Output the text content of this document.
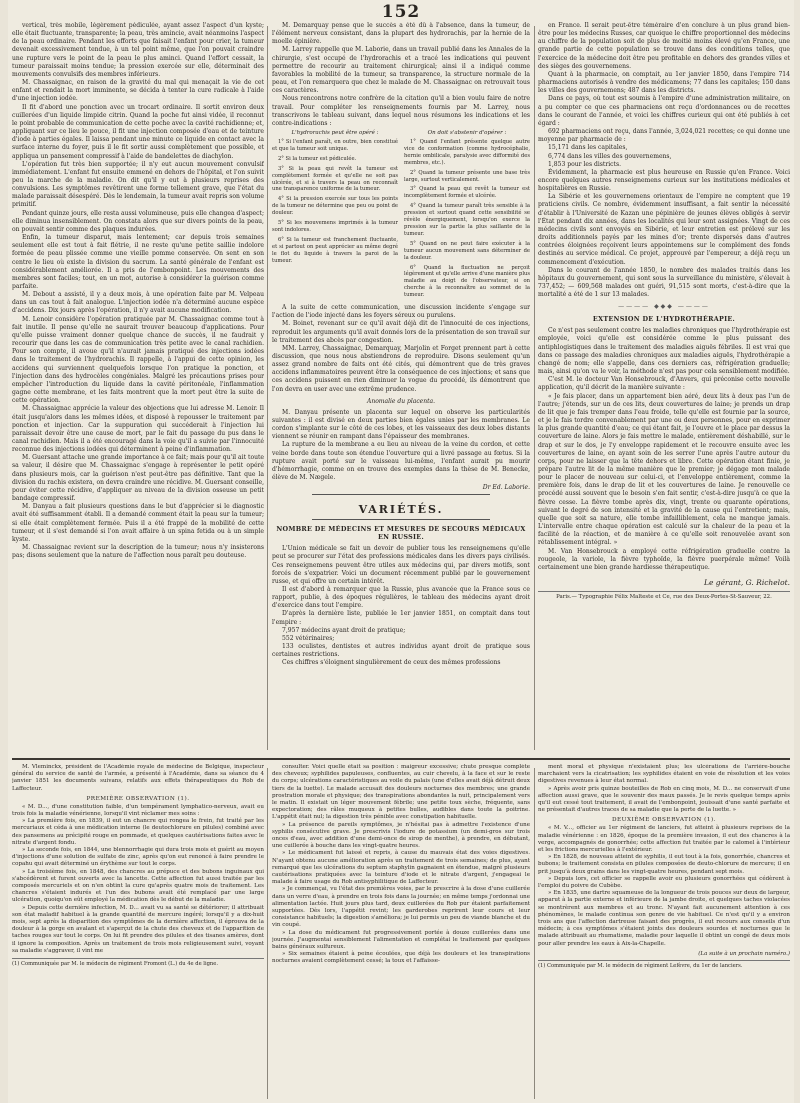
152

vertical, très mobile, légèrement pédiculée, ayant assez l'aspect d'un kyste; elle était fluctuante, transparente; la peau, très amincie, avait néanmoins l'aspect de la peau ordinaire. Pendant les efforts que faisait l'enfant pour crier, la tumeur devenait excessivement tendue, à un tel point même, que l'on pouvait craindre une rupture vers le point de la peau le plus aminci. Quand l'effort cessait, la tumeur paraissait moins tendue; la pression exercée sur elle, déterminait des mouvements convulsifs des membres inférieurs.

M. Chassaignac, en raison de la gravité du mal qui menaçait la vie de cet enfant et rendait la mort imminente, se décida à tenter la cure radicale à l'aide d'une injection iodée.

Il fit d'abord une ponction avec un trocart ordinaire. Il sortit environ deux cuillerées d'un liquide limpide citrin. Quand la poche fut ainsi vidée, il reconnut le point probable de communication de cette poche avec la cavité rachidienne; et, appliquant sur ce lieu le pouce, il fit une injection composée d'eau et de teinture d'iode à parties égales. Il laissa pendant une minute ce liquide en contact avec la surface interne du foyer, puis il le fit sortir aussi complètement que possible, et appliqua un pansement compressif à l'aide de bandelettes de diachylon.

L'opération fut très bien supportée; il n'y eut aucun mouvement convulsif immédiatement. L'enfant fut ensuite emmené en dehors de l'hôpital, et l'on suivit peu la marche de la maladie. On dit qu'il y eut à plusieurs reprises des convulsions. Les symptômes revêtirent une forme tellement grave, que l'état du malade paraissait désespéré. Dès le lendemain, la tumeur avait repris son volume primitif.

Pendant quinze jours, elle resta aussi volumineuse, puis elle changea d'aspect; elle diminua insensiblement. On constata alors que sur divers points de la peau, on pouvait sentir comme des plaques indurées.

Enfin, la tumeur disparut, mais lentement; car depuis trois semaines seulement elle est tout à fait flétrie, il ne reste qu'une petite saillie indolore formée de peau plissée comme une vieille pomme conservée. On sent en son centre le lieu où existe la division du sacrum. La santé générale de l'enfant est considérablement améliorée. Il a pris de l'embonpoint. Les mouvements des membres sont faciles; tout, en un mot, autorise à considérer la guérison comme parfaite.

M. Debout a assisté, il y a deux mois, à une opération faite par M. Velpeau dans un cas tout à fait analogue. L'injection iodée n'a déterminé aucune espèce d'accidens. Dix jours après l'opération, il n'y avait aucune modification.

M. Lenoir considère l'opération pratiquée par M. Chassaignac comme tout à fait inutile. Il pense qu'elle ne saurait trouver beaucoup d'applications. Pour qu'elle puisse vraiment donner quelque chance de succès, il ne faudrait y recourir que dans les cas de communication très petite avec le canal rachidien. Pour son compte, il avoue qu'il n'aurait jamais pratiqué des injections iodées dans le traitement de l'hydrorachis. Il rappelle, à l'appui de cette opinion, les accidens qui surviennent quelquefois lorsque l'on pratique la ponction, et l'injection dans des hydrocèles congéniales. Malgré les précautions prises pour empêcher l'introduction du liquide dans la cavité péritonéale, l'inflammation gagne cette membrane, et les faits montrent que la mort peut être la suite de cette opération.

M. Chassaignac apprécie la valeur des objections que lui adresse M. Lenoir. Il était jusqu'alors dans les mêmes idées, et disposé à repousser le traitement par ponction et injection. Car la suppuration qui succéderait à l'injection lui paraissait devoir être une cause de mort, par le fait du passage du pus dans le canal rachidien. Mais il a été encouragé dans la voie qu'il a suivie par l'innocuité reconnue des injections iodées qui déterminent à peine d'inflammation.

M. Guersant attache une grande importance à ce fait; mais pour qu'il ait toute sa valeur, il désire que M. Chassaignac s'engage à représenter le petit opéré dans plusieurs mois, car la guérison n'est peut-être pas définitive. Tant que la division du rachis existera, on devra craindre une récidive. M. Guersant conseille, pour éviter cette récidive, d'appliquer au niveau de la division osseuse un petit bandage compressif.

M. Danyau a fait plusieurs questions dans le but d'apprécier si le diagnostic avait été suffisamment établi. Il a demandé comment était la peau sur la tumeur; si elle était complètement fermée. Puis il a été frappé de la mobilité de cette tumeur, et il s'est demandé si l'on avait affaire à un spina fetida ou à un simple kyste.

M. Chassaignac revient sur la description de la tumeur; nous n'y insisterons pas; disons seulement que la nature de l'affection nous paraît peu douteuse.

M. Demarquay pense que le succès a été dû à l'absence, dans la tumeur, de l'élément nerveux consistant, dans la plupart des hydrorachis, par la hernie de la moelle épinière.

M. Larrey rappelle que M. Laborie, dans un travail publié dans les Annales de la chirurgie, s'est occupé de l'hydrorachis et a tracé les indications qui peuvent permettre de recourir au traitement chirurgical; ainsi il a indiqué comme favorables la mobilité de la tumeur, sa transparence, la structure normale de la peau, et l'on remarquera que chez le malade de M. Chassaignac on retrouvait tous ces caractères.

Nous rencontrons notre confrère de la citation qu'il a bien voulu faire de notre travail. Pour compléter les renseignements fournis par M. Larrey, nous transcrivons le tableau suivant, dans lequel nous résumons les indications et les contre-indications :

L'hydrorachis peut être opéré :

1° Si l'enfant paraît, en outre, bien constitué et que la tumeur soit unique.

2° Si la tumeur est pédiculée.

3° Si la peau qui revêt la tumeur est complètement formée et qu'elle ne soit pas ulcérée, et si à travers la peau on reconnaît une transparence uniforme de la tumeur.

4° Si la pression exercée sur tous les points de la tumeur ne détermine que peu ou point de douleur.

5° Si les mouvemens imprimés à la tumeur sont indolores.

6° Si la tumeur est franchement fluctuante, et si partout on peut apprécier au même degré le flot du liquide à travers la paroi de la tumeur.

On doit s'abstenir d'opérer :

1° Quand l'enfant présente quelque autre vice de conformation (comme hydrocéphalie, hernie ombilicale, paralysie avec difformité des membres, etc.).

2° Quand la tumeur présente une base très large, surtout verticalement.

3° Quand la peau qui revêt la tumeur est incomplètement formée et ulcérée.

4° Quand la tumeur paraît très sensible à la pression et surtout quand cette sensibilité se révèle énergiquement, lorsqu'on exerce la pression sur la partie la plus saillante de la tumeur.

5° Quand on ne peut faire exécuter à la tumeur aucun mouvement sans déterminer de la douleur.

6° Quand la fluctuation ne perçoit légèrement et qu'elle arrive d'une manière plus maladie au doigt de l'observateur, si on cherche à la reconnaître au sommet de la tumeur.

A la suite de cette communication, une discussion incidente s'engage sur l'action de l'iode injecté dans les foyers séreux ou purulens.

M. Boinet, revenant sur ce qu'il avait déjà dit de l'innocuité de ces injections, reproduit les arguments qu'il avait donnés lors de la présentation de son travail sur le traitement des abcès par congestion.

MM. Larrey, Chassaignac, Demarquay, Marjolin et Forget prennent part à cette discussion, que nous nous abstiendrons de reproduire. Disons seulement qu'un assez grand nombre de faits ont été cités, qui démontrent que de très graves accidens inflammatoires peuvent être la conséquence de ces injections; et sans que ces accidens puissent en rien diminuer la vogue du procédé, ils démontrent que l'on devra en user avec une extrême prudence.

Anomalie du placenta.

M. Danyau présente un placenta sur lequel on observe les particularités suivantes : il est divisé en deux parties bien égales unies par les membranes. Le cordon s'implante sur le côté de ces lobes, et les vaisseaux des deux lobes distants viennent se réunir en rampant dans l'épaisseur des membranes.

La rupture de la membrane a eu lieu au niveau de la veine du cordon, et cette veine borde dans toute son étendue l'ouverture qui a livré passage au fœtus. Si la rupture avait porté sur le vaisseau lui-même, l'enfant aurait pu mourir d'hémorrhagie, comme on en trouve des exemples dans la thèse de M. Benecke, élève de M. Nægele.

Dr Ed. Laborie.
VARIÉTÉS.
NOMBRE DE MÉDECINS ET MESURES DE SECOURS MÉDICAUX EN RUSSIE.

L'Union médicale se fait un devoir de publier tous les renseignemens qu'elle peut se procurer sur l'état des professions médicales dans les divers pays civilisés. Ces renseignemens peuvent être utiles aux médecins qui, par divers motifs, sont forcés de s'expatrier. Voici un document récemment publié par le gouvernement russe, et qui offre un certain intérêt.

Il est d'abord à remarquer que la Russie, plus avancée que la France sous ce rapport, publie, à des époques régulières, le tableau des médecins ayant droit d'exercice dans tout l'empire.

D'après la dernière liste, publiée le 1er janvier 1851, on comptait dans tout l'empire :

7,957 médecins ayant droit de pratique;

552 vétérinaires;

133 oculistes, dentistes et autres individus ayant droit de pratique sous certaines restrictions.

Ces chiffres s'éloignent singulièrement de ceux des mêmes professions

en France. Il serait peut-être téméraire d'en conclure à un plus grand bien-être pour les médecins Russes, car quoique le chiffre proportionnel des médecins au chiffre de la population soit de plus de moitié moins élevé qu'en France, une grande partie de cette population se trouve dans des conditions telles, que l'exercice de la médecine doit être peu profitable en dehors des grandes villes et des sièges des gouvernemens.

Quant à la pharmacie, on comptait, au 1er janvier 1850, dans l'empire 714 pharmaciens autorisés à vendre des médicamens; 77 dans les capitales; 150 dans les villes des gouvernemens; 487 dans les districts.

Dans ce pays, où tout est soumis à l'empire d'une administration militaire, on a pu compter ce que ces pharmaciens ont reçu d'ordonnances ou de recettes dans le courant de l'année, et voici les chiffres curieux qui ont été publiés à cet égard :

692 pharmaciens ont reçu, dans l'année, 3,024,021 recettes; ce qui donne une moyenne par pharmacie de :

15,171 dans les capitales,

6,774 dans les villes des gouvernemens,

1,853 pour les districts.

Évidemment, la pharmacie est plus heureuse en Russie qu'en France. Voici encore quelques autres renseignemens curieux sur les institutions médicales et hospitalières en Russie.

La Sibérie et les gouvernemens orientaux de l'empire ne comptent que 19 praticiens civils. Ce nombre, évidemment insuffisant, a fait sentir la nécessité d'établir à l'Université de Kazan une pépinière de jeunes élèves obligés à servir l'État pendant dix années, dans les localités qui leur sont assignées. Vingt de ces médecins civils sont envoyés en Sibérie, et leur entretien est prélevé sur les droits additionnels payés par les mines d'or; trente dispersés dans d'autres contrées éloignées reçoivent leurs appointemens sur le complément des fonds destinés au service médical. Ce projet, approuvé par l'empereur, a déjà reçu un commencement d'exécution.

Dans le courant de l'année 1850, le nombre des malades traités dans les hôpitaux du gouvernement, qui sont sous la surveillance du ministère, s'élevait à 737,452; — 609,568 malades ont guéri, 91,515 sont morts, c'est-à-dire que la mortalité a été de 1 sur 13 malades.

———— ◆◆◆ ————
EXTENSION DE L'HYDROTHÉRAPIE.

Ce n'est pas seulement contre les maladies chroniques que l'hydrothérapie est employée, voici qu'elle est considérée comme le plus puissant des antiphlogistiques dans le traitement des maladies aiguës fébriles. Il est vrai que dans ce passage des maladies chroniques aux maladies aiguës, l'hydrothérapie a changé de nom; elle s'appelle, dans ces derniers cas, réfrigération graduelle; mais, ainsi qu'on va le voir, la méthode n'est pas pour cela sensiblement modifiée.

C'est M. le docteur Van Honsebrouck, d'Anvers, qui préconise cette nouvelle application, qu'il décrit de la manière suivante :

« Je fais placer, dans un appartement bien aéré, deux lits à deux pas l'un de l'autre; j'étends, sur un de ces lits, deux couvertures de laine; je prends un drap de lit que je fais tremper dans l'eau froide, telle qu'elle est fournie par la source, et je le fais tordre convenablement par une ou deux personnes, pour en exprimer la plus grande quantité d'eau; ce qui étant fait, je l'ouvre et le place par dessus la couverture de laine. Alors je fais mettre le malade, entièrement déshabillé, sur le drap et sur le dos, je l'y enveloppe rapidement et le recouvre ensuite avec les couvertures de laine, en ayant soin de les serrer l'une après l'autre autour du corps, pour ne laisser que la tête dehors et libre. Cette opération étant finie, je prépare l'autre lit de la même manière que le premier; je dégage mon malade pour le placer de nouveau sur celui-ci, et l'enveloppe entièrement, comme la première fois, dans le drap de lit et les couvertures de laine. Je renouvelle ce procédé aussi souvent que le besoin s'en fait sentir, c'est-à-dire jusqu'à ce que la fièvre cesse. La fièvre tombe après dix, vingt, trente ou quarante opérations, suivant le degré de son intensité et la gravité de la cause qui l'entretient; mais, quelle que soit sa nature, elle tombe infailliblement, cela ne manque jamais. L'intervalle entre chaque opération est calculé sur la chaleur de la peau et la facilité de la réaction, et de manière à ce qu'elle soit renouvelée avant son rétablissement intégral. »

M. Van Honsebrouck a employé cette réfrigération graduelle contre la rougeole, la variole, la fièvre typhoïde, la fièvre puerpérale même! Voilà certainement une bien grande hardiesse thérapeutique.

Le gérant, G. Richelot.
Paris.— Typographie Félix Malteste et Ce, rue des Deux-Portes-St-Sauveur, 22.

M. Vleminckx, président de l'Académie royale de médecine de Belgique, inspecteur général du service de santé de l'armée, a présenté à l'Académie, dans sa séance du 4 janvier 1851 les documents suivans, relatifs aux effets thérapeutiques du Rob de Laffecteur.

PREMIÈRE OBSERVATION (1).

« M. D..., d'une constitution faible, d'un tempérament lymphatico-nerveux, avait eu trois fois la maladie vénérienne, lorsqu'il vint réclamer mes soins :

» La première fois, en 1839, il eut un chancre qui rongea le frein, fut traité par les mercuriaux et céda à une médication interne (le deutochlorure en pilules) combiné avec des pansemens au précipité rouge en pommade, et quelques cautérisations faites avec le nitrate d'argent fondu.

» La seconde fois, en 1844, une blennorrhagie qui dura trois mois et guérit au moyen d'injections d'une solution de sulfate de zinc, après qu'on eut renoncé à faire prendre le copahu qui avait déterminé un érythème sur tout le corps.

» La troisième fois, en 1848, des chancres au prépuce et des bubons inguinaux qui s'abcédèrent et furent ouverts avec la lancette. Cette affection fut aussi traitée par les composés mercuriels et on n'en obtint la cure qu'après quatre mois de traitement. Les chancres s'étaient indurés et l'un des bubons avait été remplacé par une large ulcération, quoiqu'on eût employé la médication dès le début de la maladie.

» Depuis cette dernière infection, M. D... avait vu sa santé se détériorer; il attribuait son état maladif habituel à la grande quantité de mercure ingéré; lorsqu'il y a dix-huit mois, sept après la disparition des symptômes de la dernière affection, il éprouva de la douleur à la gorge en avalant et s'aperçut de la chute des cheveux et de l'apparition de taches rouges sur tout le corps. On lui fit prendre des pilules et des tisanes amères, dont il ignore la composition. Après un traitement de trois mois religieusement suivi, voyant sa maladie s'aggraver, il vint me

(1) Communiquée par M. le médecin de régiment Fromont (L.) du 4e de ligne.

consulter. Voici quelle était sa position : maigreur excessive; chute presque complète des cheveux; syphilides papuleuses, confluentes, au cuir chevelu, à la face et sur le reste du corps; ulcérations caractéristiques au voile du palais (une d'elles avait déjà détruit deux tiers de la luette). Le malade accusait des douleurs nocturnes des membres; une grande prostration morale et physique; des transpirations abondantes la nuit, principalement vers le matin. Il existait un léger mouvement fébrile; une petite toux sèche, fréquente, sans expectoration; des râles muqueux à petites bulles, audibles dans toute la poitrine. L'appétit était nul; la digestion très pénible avec constipation habituelle.

» La présence de pareils symptômes, je n'hésitai pas à admettre l'existence d'une syphilis consécutive grave. Je prescrivis l'iodure de potassium (un demi-gros sur trois onces d'eau, avec addition d'une demi-once de sirop de menthe), à prendre, en débutant, une cuillerée à bouche dans les vingt-quatre heures.

» Le médicament fut laissé et repris, à cause du mauvais état des voies digestives. N'ayant obtenu aucune amélioration après un traitement de trois semaines; de plus, ayant remarqué que les ulcérations du septum staphylin gagnaient en étendue, malgré plusieurs cautérisations pratiquées avec la teinture d'iode et le nitrate d'argent, j'engageai le malade à faire usage du Rob antisyphilitique de Laffecteur.

» Je commençai, vu l'état des premières voies, par le prescrire à la dose d'une cuillerée dans un verre d'eau, à prendre en trois fois dans la journée; en même temps j'ordonnai une alimentation lactée. Huit jours plus tard, deux cuillerées du Rob pur étaient parfaitement supportées. Dès lors, l'appétit revint; les garderobes reprirent leur cours et leur consistance habituels; la digestion s'améliora; je lui permis un peu de viande blanche et du vin coupé.

» La dose du médicament fut progressivement portée à douze cuillerées dans une journée. J'augmentai sensiblement l'alimentation et complétai le traitement par quelques bains généraux sulfureux.

» Six semaines étaient à peine écoulées, que déjà les douleurs et les transpirations nocturnes avaient complètement cessé; la toux et l'affaisse-

ment moral et physique n'existaient plus; les ulcérations de l'arrière-bouche marchaient vers la cicatrisation; les syphilides étaient en voie de résolution et les voies digestives revenues à leur état normal.

» Après avoir pris quinze bouteilles de Rob en cinq mois, M. D... ne conservait d'une affection aussi grave, que le souvenir des maux passés. Je le revis quelque temps après qu'il eut cessé tout traitement, il avait de l'embonpoint, jouissait d'une santé parfaite et ne présentait d'autres traces de sa maladie que la perte de la luette. »

DEUXIÈME OBSERVATION (1).

« M. V..., officier au 1er régiment de lanciers, fut atteint à plusieurs reprises de la maladie vénérienne : en 1826, époque de la première invasion, il eut des chancres à la verge, accompagnés de gonorrhée; cette affection fut traitée par le calomel à l'intérieur et les frictions mercurielles à l'extérieur.

» En 1828, de nouveau atteint de syphilis, il eut tout à la fois, gonorrhée, chancres et bubons; le traitement consista en pilules composées de deuto-chlorure de mercure; il en prit jusqu'à deux grains dans les vingt-quatre heures, pendant sept mois.

» Depuis lors, cet officier se rappelle avoir eu plusieurs gonorrhées qui cédèrent à l'emploi du poivre de Cubèbe.

» En 1835, une dartre squameuse de la longueur de trois pouces sur deux de largeur, apparut à la partie externe et inférieure de la jambe droite, et quelques taches violacées se montrèrent aux membres et au tronc. N'ayant fait aucunement attention à ces phénomènes, le malade continua son genre de vie habituel. Ce n'est qu'il y a environ trois ans que l'affection dartreuse faisant des progrès, il eut recours aux conseils d'un médecin; à ces symptômes s'étaient joints des douleurs sourdes et nocturnes que le malade attribuait au rhumatisme, maladie pour laquelle il obtint un congé de deux mois pour aller prendre les eaux à Aix-la-Chapelle.

(La suite à un prochain numéro.)
(1) Communiquée par M. le médecin de régiment Lefèvre, du 1er de lanciers.
